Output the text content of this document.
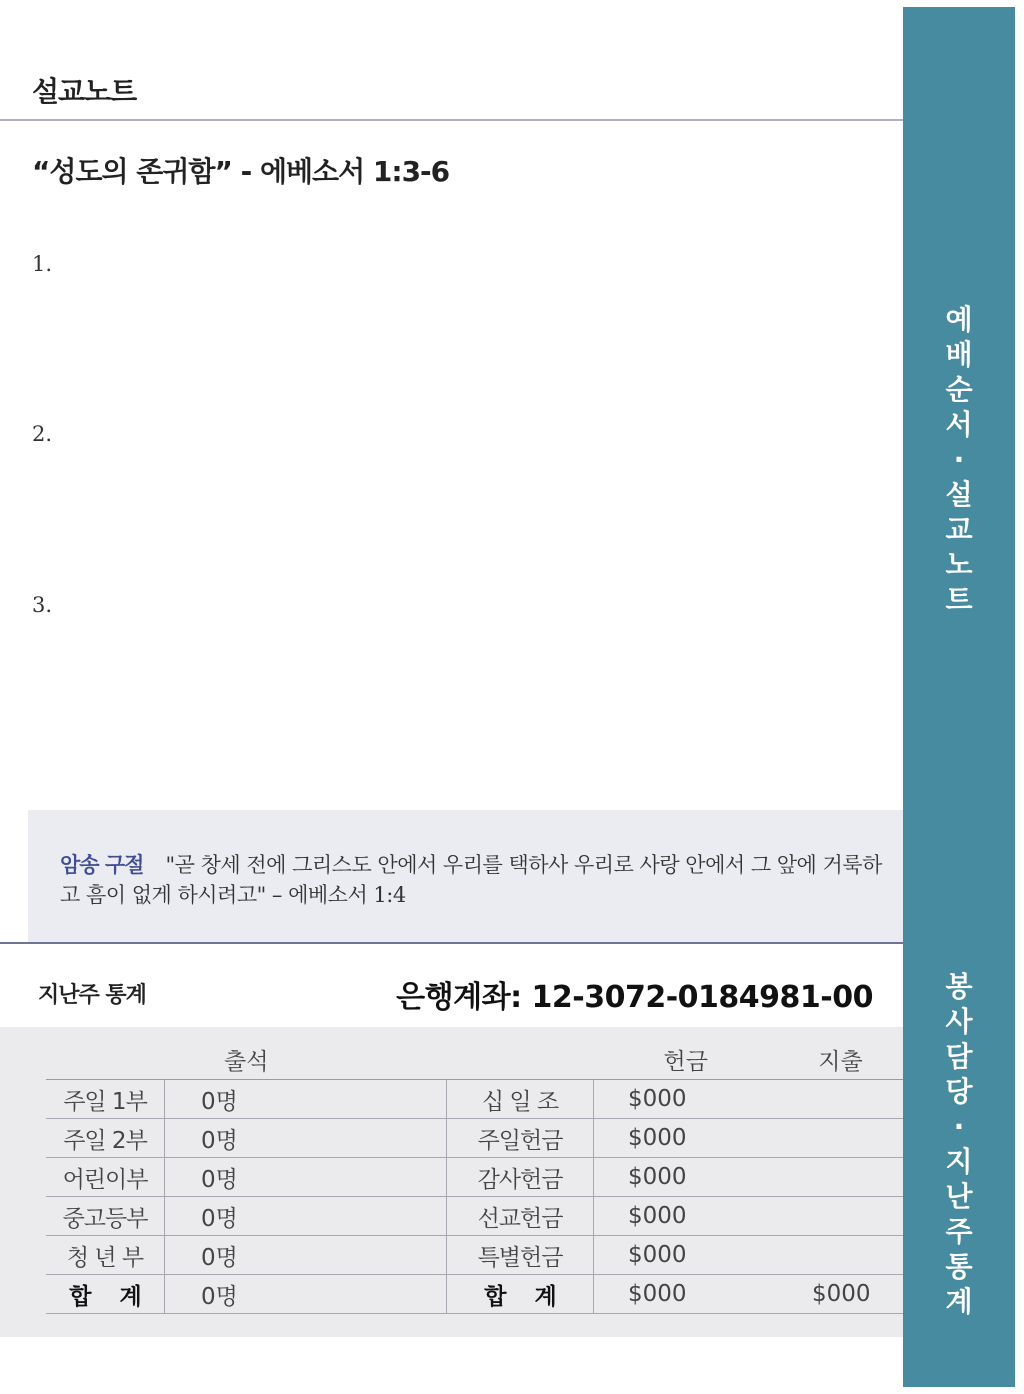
설교노트
“성도의 존귀함” - 에베소서 1:3-6
1.
2.
3.
암송 구절 "곧 창세 전에 그리스도 안에서 우리를 택하사 우리로 사랑 안에서 그 앞에 거룩하고 흠이 없게 하시려고" – 에베소서 1:4
지난주 통계	은행계좌: 12-3072-0184981-00
출석			헌금	지출
주일 1부	0명	십 일 조	$000	
주일 2부	0명	주일헌금	$000	
어린이부	0명	감사헌금	$000	
중고등부	0명	선교헌금	$000	
청 년 부	0명	특별헌금	$000	
합　 계	0명	합　 계	$000	$000
예
배
순
서
·
설
교
노
트
봉
사
담
당
·
지
난
주
통
계
